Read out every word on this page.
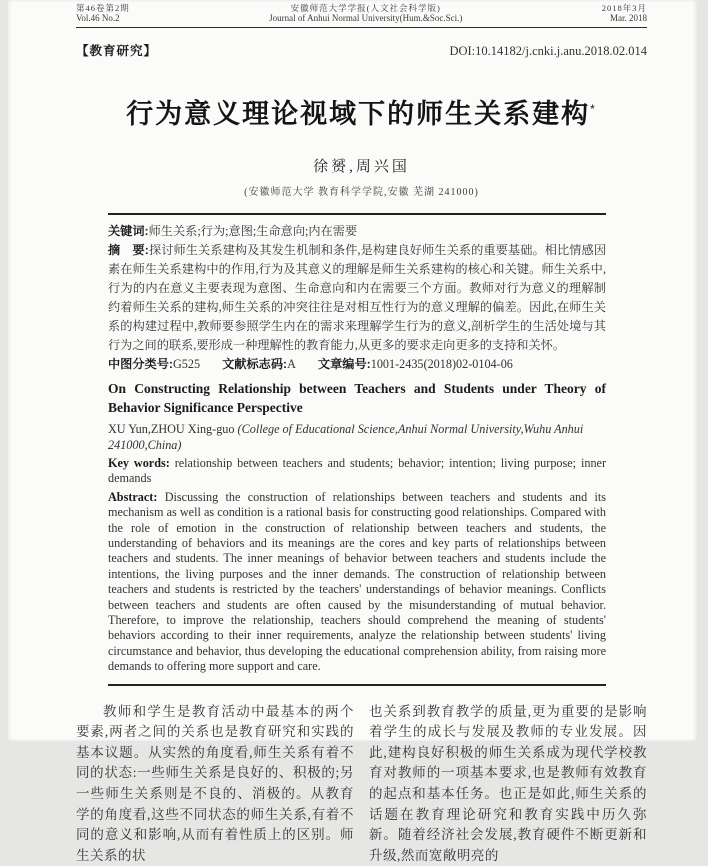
第46卷第2期
Vol.46 No.2
安徽师范大学学报(人文社会科学版)
Journal of Anhui Normal University(Hum.&Soc.Sci.)
2018年3月
Mar. 2018
【教育研究】	DOI:10.14182/j.cnki.j.anu.2018.02.014
行为意义理论视域下的师生关系建构*
徐赟,周兴国
(安徽师范大学 教育科学学院,安徽 芜湖 241000)

关键词:师生关系;行为;意图;生命意向;内在需要

摘　要:探讨师生关系建构及其发生机制和条件,是构建良好师生关系的重要基础。相比情感因素在师生关系建构中的作用,行为及其意义的理解是师生关系建构的核心和关键。师生关系中,行为的内在意义主要表现为意图、生命意向和内在需要三个方面。教师对行为意义的理解制约着师生关系的建构,师生关系的冲突往往是对相互性行为的意义理解的偏差。因此,在师生关系的构建过程中,教师要参照学生内在的需求来理解学生行为的意义,剖析学生的生活处境与其行为之间的联系,要形成一种理解性的教育能力,从更多的要求走向更多的支持和关怀。

中图分类号:G525 文献标志码:A 文章编号:1001-2435(2018)02-0104-06

On Constructing Relationship between Teachers and Students under Theory of Behavior Significance Perspective

XU Yun,ZHOU Xing-guo (College of Educational Science,Anhui Normal University,Wuhu Anhui 241000,China)

Key words: relationship between teachers and students; behavior; intention; living purpose; inner demands

Abstract: Discussing the construction of relationships between teachers and students and its mechanism as well as condition is a rational basis for constructing good relationships. Compared with the role of emotion in the construction of relationship between teachers and students, the understanding of behaviors and its meanings are the cores and key parts of relationships between teachers and students. The inner meanings of behavior between teachers and students include the intentions, the living purposes and the inner demands. The construction of relationship between teachers and students is restricted by the teachers' understandings of behavior meanings. Conflicts between teachers and students are often caused by the misunderstanding of mutual behavior. Therefore, to improve the relationship, teachers should comprehend the meaning of students' behaviors according to their inner requirements, analyze the relationship between students' living circumstance and behavior, thus developing the educational comprehension ability, from raising more demands to offering more support and care.

教师和学生是教育活动中最基本的两个要素,两者之间的关系也是教育研究和实践的基本议题。从实然的角度看,师生关系有着不同的状态:一些师生关系是良好的、积极的;另一些师生关系则是不良的、消极的。从教育学的角度看,这些不同状态的师生关系,有着不同的意义和影响,从而有着性质上的区别。师生关系的状

也关系到教育教学的质量,更为重要的是影响着学生的成长与发展及教师的专业发展。因此,建构良好积极的师生关系成为现代学校教育对教师的一项基本要求,也是教师有效教育的起点和基本任务。也正是如此,师生关系的话题在教育理论研究和教育实践中历久弥新。随着经济社会发展,教育硬件不断更新和升级,然而宽敞明亮的
